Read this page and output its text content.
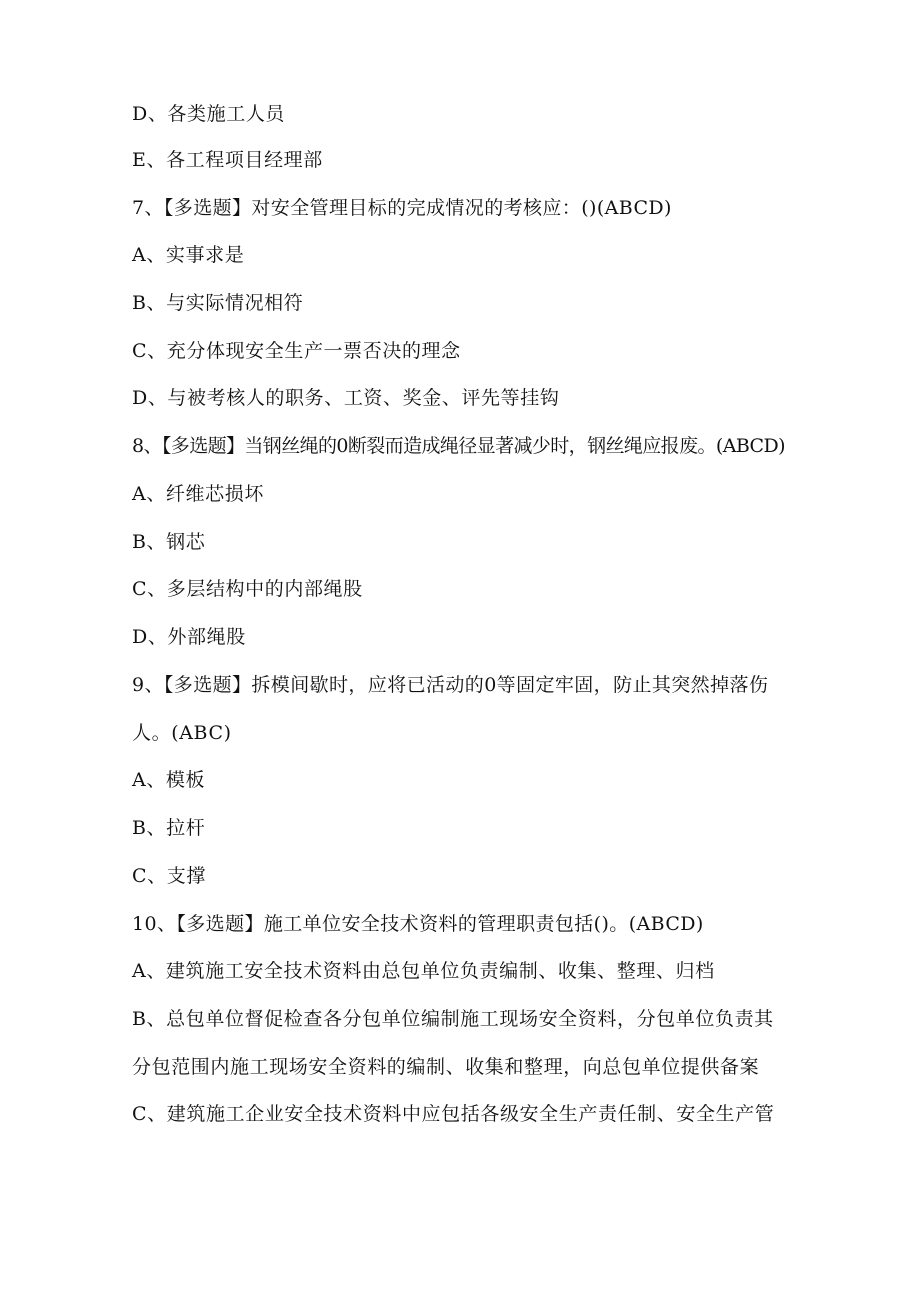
D、各类施工人员
E、各工程项目经理部
7、【多选题】对安全管理目标的完成情况的考核应：()(ABCD)
A、实事求是
B、与实际情况相符
C、充分体现安全生产一票否决的理念
D、与被考核人的职务、工资、奖金、评先等挂钩
8、【多选题】当钢丝绳的0断裂而造成绳径显著减少时，钢丝绳应报废。(ABCD)
A、纤维芯损坏
B、钢芯
C、多层结构中的内部绳股
D、外部绳股
9、【多选题】拆模间歇时，应将已活动的0等固定牢固，防止其突然掉落伤
人。(ABC)
A、模板
B、拉杆
C、支撑
10、【多选题】施工单位安全技术资料的管理职责包括()。(ABCD)
A、建筑施工安全技术资料由总包单位负责编制、收集、整理、归档
B、总包单位督促检查各分包单位编制施工现场安全资料，分包单位负责其
分包范围内施工现场安全资料的编制、收集和整理，向总包单位提供备案
C、建筑施工企业安全技术资料中应包括各级安全生产责任制、安全生产管
